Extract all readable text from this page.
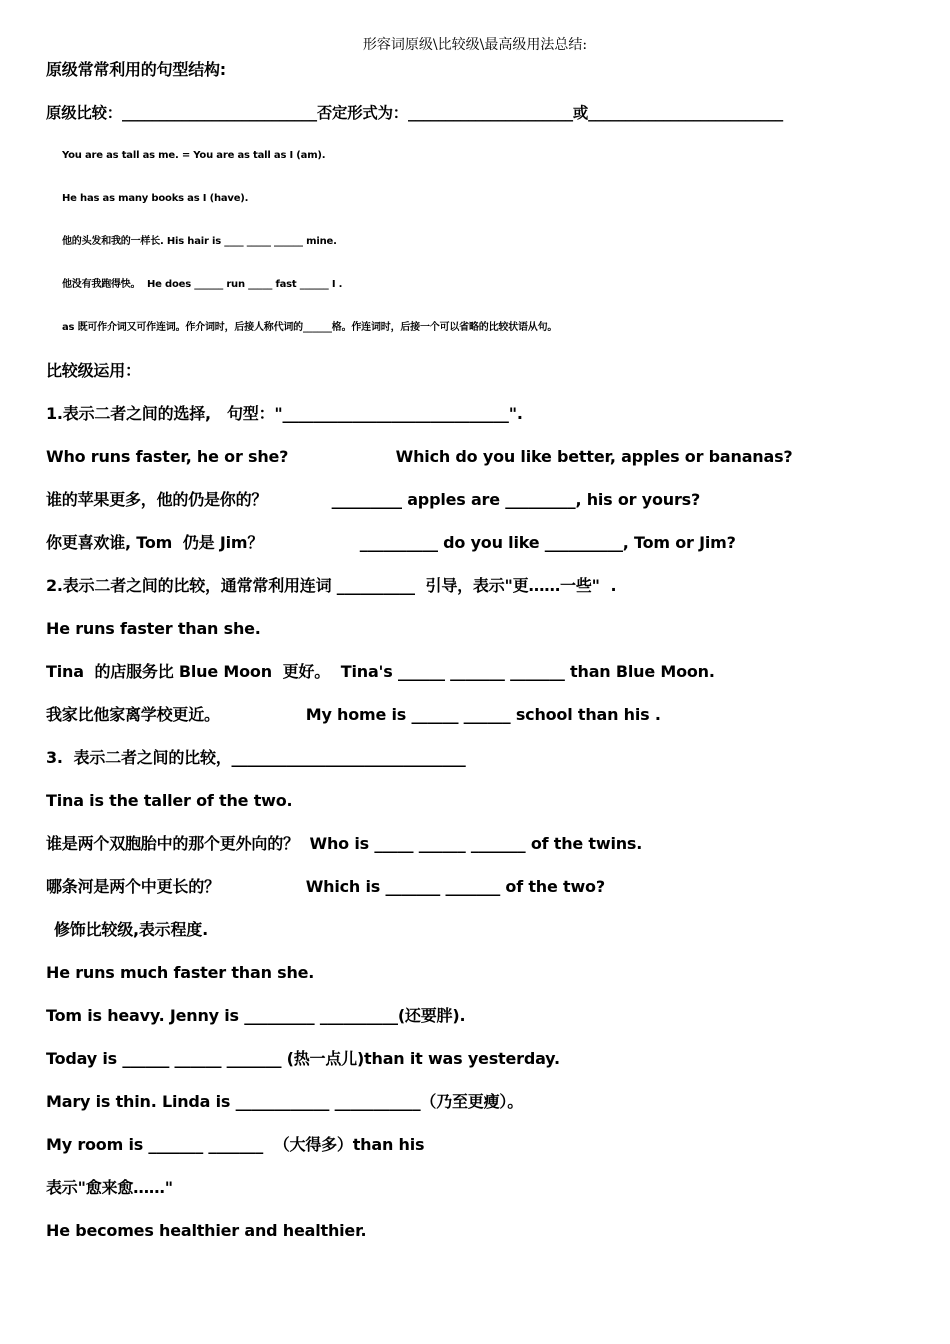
形容词原级\比较级\最高级用法总结:
原级常常利用的句型结构:
原级比较：__________________________否定形式为：______________________或__________________________
You are as tall as me. = You are as tall as I (am).
He has as many books as I (have).
他的头发和我的一样长. His hair is ____ _____ ______ mine.
他没有我跑得快。  He does ______ run _____ fast ______ I .
as 既可作介词又可作连词。作介词时，后接人称代词的______格。作连词时，后接一个可以省略的比较状语从句。
比较级运用：
1.表示二者之间的选择,   句型："_____________________________".
Who runs faster, he or she?                    Which do you like better, apples or bananas?
谁的苹果更多，他的仍是你的？            _________ apples are _________, his or yours?
你更喜欢谁, Tom  仍是 Jim？                  __________ do you like __________, Tom or Jim?
2.表示二者之间的比较，通常常利用连词 __________  引导，表示"更……一些"  .
He runs faster than she.
Tina  的店服务比 Blue Moon  更好。  Tina's ______ _______ _______ than Blue Moon.
我家比他家离学校更近。                My home is ______ ______ school than his .
3.  表示二者之间的比较，______________________________
Tina is the taller of the two.
谁是两个双胞胎中的那个更外向的？  Who is _____ ______ _______ of the twins.
哪条河是两个中更长的？                Which is _______ _______ of the two?
修饰比较级,表示程度.
He runs much faster than she.
Tom is heavy. Jenny is _________ __________(还要胖).
Today is ______ ______ _______ (热一点儿)than it was yesterday.
Mary is thin. Linda is ____________ ___________（乃至更瘦）。
My room is _______ _______  （大得多）than his
表示"愈来愈……"
He becomes healthier and healthier.
